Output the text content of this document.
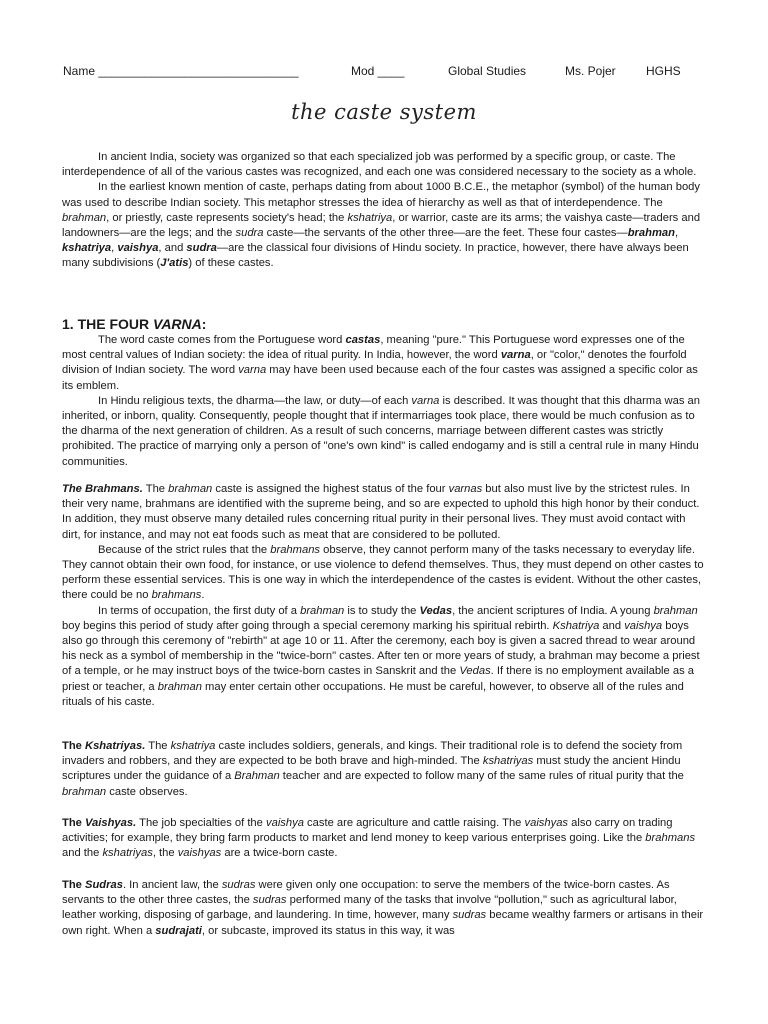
Name ______________________________	Mod ____	Global Studies	Ms. Pojer	HGHS
the caste system

In ancient India, society was organized so that each specialized job was performed by a specific group, or caste. The interdependence of all of the various castes was recognized, and each one was considered necessary to the society as a whole.

In the earliest known mention of caste, perhaps dating from about 1000 B.C.E., the metaphor (symbol) of the human body was used to describe Indian society. This metaphor stresses the idea of hierarchy as well as that of interdependence. The brahman, or priestly, caste represents society's head; the kshatriya, or warrior, caste are its arms; the vaishya caste—traders and landowners—are the legs; and the sudra caste—the servants of the other three—are the feet. These four castes—brahman, kshatriya, vaishya, and sudra—are the classical four divisions of Hindu society. In practice, however, there have always been many subdivisions (J'atis) of these castes.

1. THE FOUR VARNA:

The word caste comes from the Portuguese word castas, meaning "pure." This Portuguese word expresses one of the most central values of Indian society: the idea of ritual purity. In India, however, the word varna, or "color," denotes the fourfold division of Indian society. The word varna may have been used because each of the four castes was assigned a specific color as its emblem.

In Hindu religious texts, the dharma—the law, or duty—of each varna is described. It was thought that this dharma was an inherited, or inborn, quality. Consequently, people thought that if intermarriages took place, there would be much confusion as to the dharma of the next generation of children. As a result of such concerns, marriage between different castes was strictly prohibited. The practice of marrying only a person of "one's own kind" is called endogamy and is still a central rule in many Hindu communities.

The Brahmans. The brahman caste is assigned the highest status of the four varnas but also must live by the strictest rules. In their very name, brahmans are identified with the supreme being, and so are expected to uphold this high honor by their conduct. In addition, they must observe many detailed rules concerning ritual purity in their personal lives. They must avoid contact with dirt, for instance, and may not eat foods such as meat that are considered to be polluted.

Because of the strict rules that the brahmans observe, they cannot perform many of the tasks necessary to everyday life. They cannot obtain their own food, for instance, or use violence to defend themselves. Thus, they must depend on other castes to perform these essential services. This is one way in which the interdependence of the castes is evident. Without the other castes, there could be no brahmans.

In terms of occupation, the first duty of a brahman is to study the Vedas, the ancient scriptures of India. A young brahman boy begins this period of study after going through a special ceremony marking his spiritual rebirth. Kshatriya and vaishya boys also go through this ceremony of "rebirth" at age 10 or 11. After the ceremony, each boy is given a sacred thread to wear around his neck as a symbol of membership in the "twice-born" castes. After ten or more years of study, a brahman may become a priest of a temple, or he may instruct boys of the twice-born castes in Sanskrit and the Vedas. If there is no employment available as a priest or teacher, a brahman may enter certain other occupations. He must be careful, however, to observe all of the rules and rituals of his caste.

The Kshatriyas. The kshatriya caste includes soldiers, generals, and kings. Their traditional role is to defend the society from invaders and robbers, and they are expected to be both brave and high-minded. The kshatriyas must study the ancient Hindu scriptures under the guidance of a Brahman teacher and are expected to follow many of the same rules of ritual purity that the brahman caste observes.

The Vaishyas. The job specialties of the vaishya caste are agriculture and cattle raising. The vaishyas also carry on trading activities; for example, they bring farm products to market and lend money to keep various enterprises going. Like the brahmans and the kshatriyas, the vaishyas are a twice-born caste.

The Sudras. In ancient law, the sudras were given only one occupation: to serve the members of the twice-born castes. As servants to the other three castes, the sudras performed many of the tasks that involve "pollution," such as agricultural labor, leather working, disposing of garbage, and laundering. In time, however, many sudras became wealthy farmers or artisans in their own right. When a sudrajati, or subcaste, improved its status in this way, it was
